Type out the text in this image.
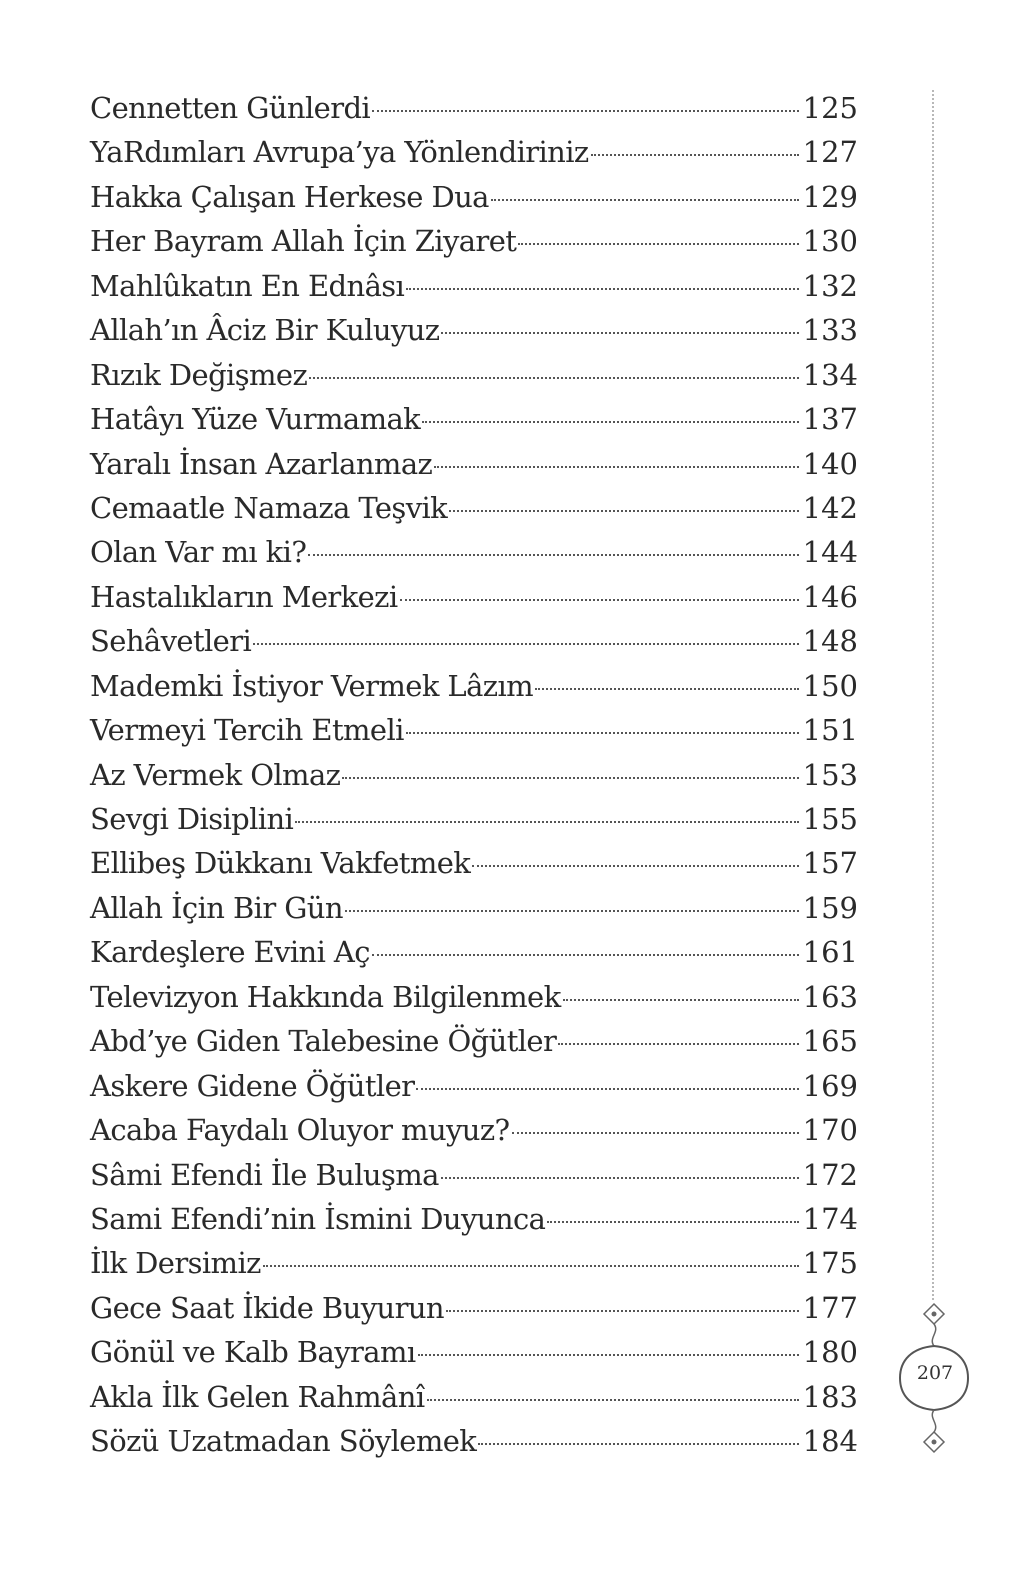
Cennetten Günlerdi	125
YaRdımları Avrupa’ya Yönlendiriniz	127
Hakka Çalışan Herkese Dua	129
Her Bayram Allah İçin Ziyaret	130
Mahlûkatın En Ednâsı	132
Allah’ın Âciz Bir Kuluyuz	133
Rızık Değişmez	134
Hatâyı Yüze Vurmamak	137
Yaralı İnsan Azarlanmaz	140
Cemaatle Namaza Teşvik	142
Olan Var mı ki?	144
Hastalıkların Merkezi	146
Sehâvetleri	148
Mademki İstiyor Vermek Lâzım	150
Vermeyi Tercih Etmeli	151
Az Vermek Olmaz	153
Sevgi Disiplini	155
Ellibeş Dükkanı Vakfetmek	157
Allah İçin Bir Gün	159
Kardeşlere Evini Aç	161
Televizyon Hakkında Bilgilenmek	163
Abd’ye Giden Talebesine Öğütler	165
Askere Gidene Öğütler	169
Acaba Faydalı Oluyor muyuz?	170
Sâmi Efendi İle Buluşma	172
Sami Efendi’nin İsmini Duyunca	174
İlk Dersimiz	175
Gece Saat İkide Buyurun	177
Gönül ve Kalb Bayramı	180
Akla İlk Gelen Rahmânî	183
Sözü Uzatmadan Söylemek	184
207
